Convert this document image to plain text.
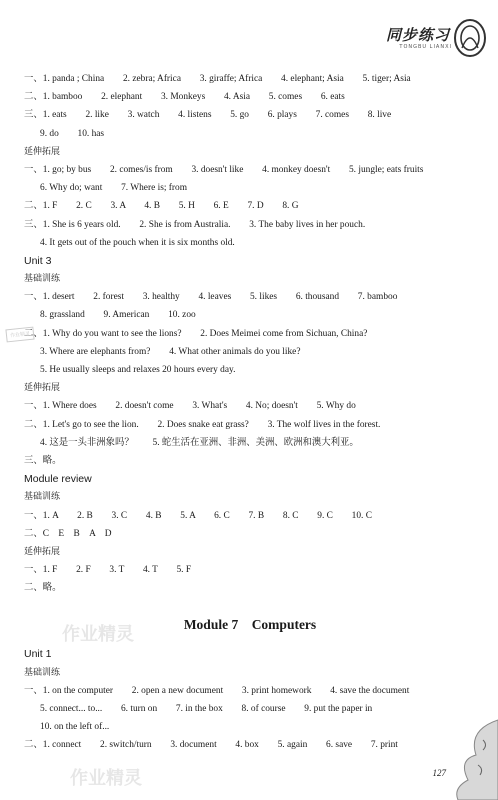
同步练习
TONGBU LIANXI
作业精灵
作业精灵
作业精灵
一、1. panda ; China　　2. zebra; Africa　　3. giraffe; Africa　　4. elephant; Asia　　5. tiger; Asia
二、1. bamboo　　2. elephant　　3. Monkeys　　4. Asia　　5. comes　　6. eats
三、1. eats　　2. like　　3. watch　　4. listens　　5. go　　6. plays　　7. comes　　8. live
9. do　　10. has
延伸拓展
一、1. go; by bus　　2. comes/is from　　3. doesn't like　　4. monkey doesn't　　5. jungle; eats fruits
6. Why do; want　　7. Where is; from
二、1. F　　2. C　　3. A　　4. B　　5. H　　6. E　　7. D　　8. G
三、1. She is 6 years old.　　2. She is from Australia.　　3. The baby lives in her pouch.
4. It gets out of the pouch when it is six months old.
Unit 3
基础训练
一、1. desert　　2. forest　　3. healthy　　4. leaves　　5. likes　　6. thousand　　7. bamboo
8. grassland　　9. American　　10. zoo
二、1. Why do you want to see the lions?　　2. Does Meimei come from Sichuan, China?
3. Where are elephants from?　　4. What other animals do you like?
5. He usually sleeps and relaxes 20 hours every day.
延伸拓展
一、1. Where does　　2. doesn't come　　3. What's　　4. No; doesn't　　5. Why do
二、1. Let's go to see the lion.　　2. Does snake eat grass?　　3. The wolf lives in the forest.
4. 这是一头非洲象吗？　　5. 蛇生活在亚洲、非洲、美洲、欧洲和澳大利亚。
三、略。
Module review
基础训练
一、1. A　　2. B　　3. C　　4. B　　5. A　　6. C　　7. B　　8. C　　9. C　　10. C
二、C　E　B　A　D
延伸拓展
一、1. F　　2. F　　3. T　　4. T　　5. F
二、略。
Module 7　Computers
Unit 1
基础训练
一、1. on the computer　　2. open a new document　　3. print homework　　4. save the document
5. connect... to...　　6. turn on　　7. in the box　　8. of course　　9. put the paper in
10. on the left of...
二、1. connect　　2. switch/turn　　3. document　　4. box　　5. again　　6. save　　7. print
127
